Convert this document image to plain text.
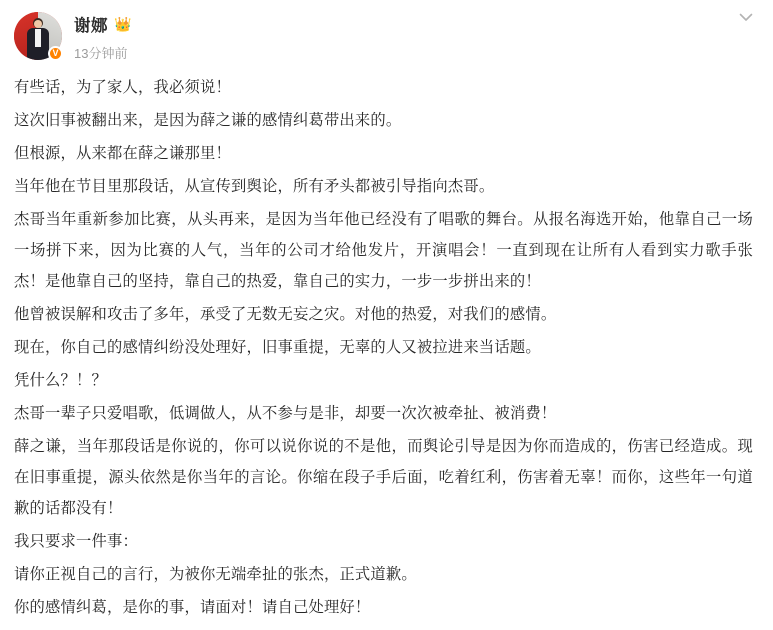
V
谢娜 👑
13分钟前

有些话，为了家人，我必须说！

这次旧事被翻出来，是因为薛之谦的感情纠葛带出来的。

但根源，从来都在薛之谦那里！

当年他在节目里那段话，从宣传到舆论，所有矛头都被引导指向杰哥。

杰哥当年重新参加比赛，从头再来，是因为当年他已经没有了唱歌的舞台。从报名海选开始，他靠自己一场一场拼下来，因为比赛的人气，当年的公司才给他发片，开演唱会！一直到现在让所有人看到实力歌手张杰！是他靠自己的坚持，靠自己的热爱，靠自己的实力，一步一步拼出来的！

他曾被误解和攻击了多年，承受了无数无妄之灾。对他的热爱，对我们的感情。

现在，你自己的感情纠纷没处理好，旧事重提，无辜的人又被拉进来当话题。

凭什么？！？

杰哥一辈子只爱唱歌，低调做人，从不参与是非，却要一次次被牵扯、被消费！

薛之谦，当年那段话是你说的，你可以说你说的不是他，而舆论引导是因为你而造成的，伤害已经造成。现在旧事重提，源头依然是你当年的言论。你缩在段子手后面，吃着红利，伤害着无辜！而你，这些年一句道歉的话都没有！

我只要求一件事：

请你正视自己的言行，为被你无端牵扯的张杰，正式道歉。

你的感情纠葛，是你的事，请面对！请自己处理好！
